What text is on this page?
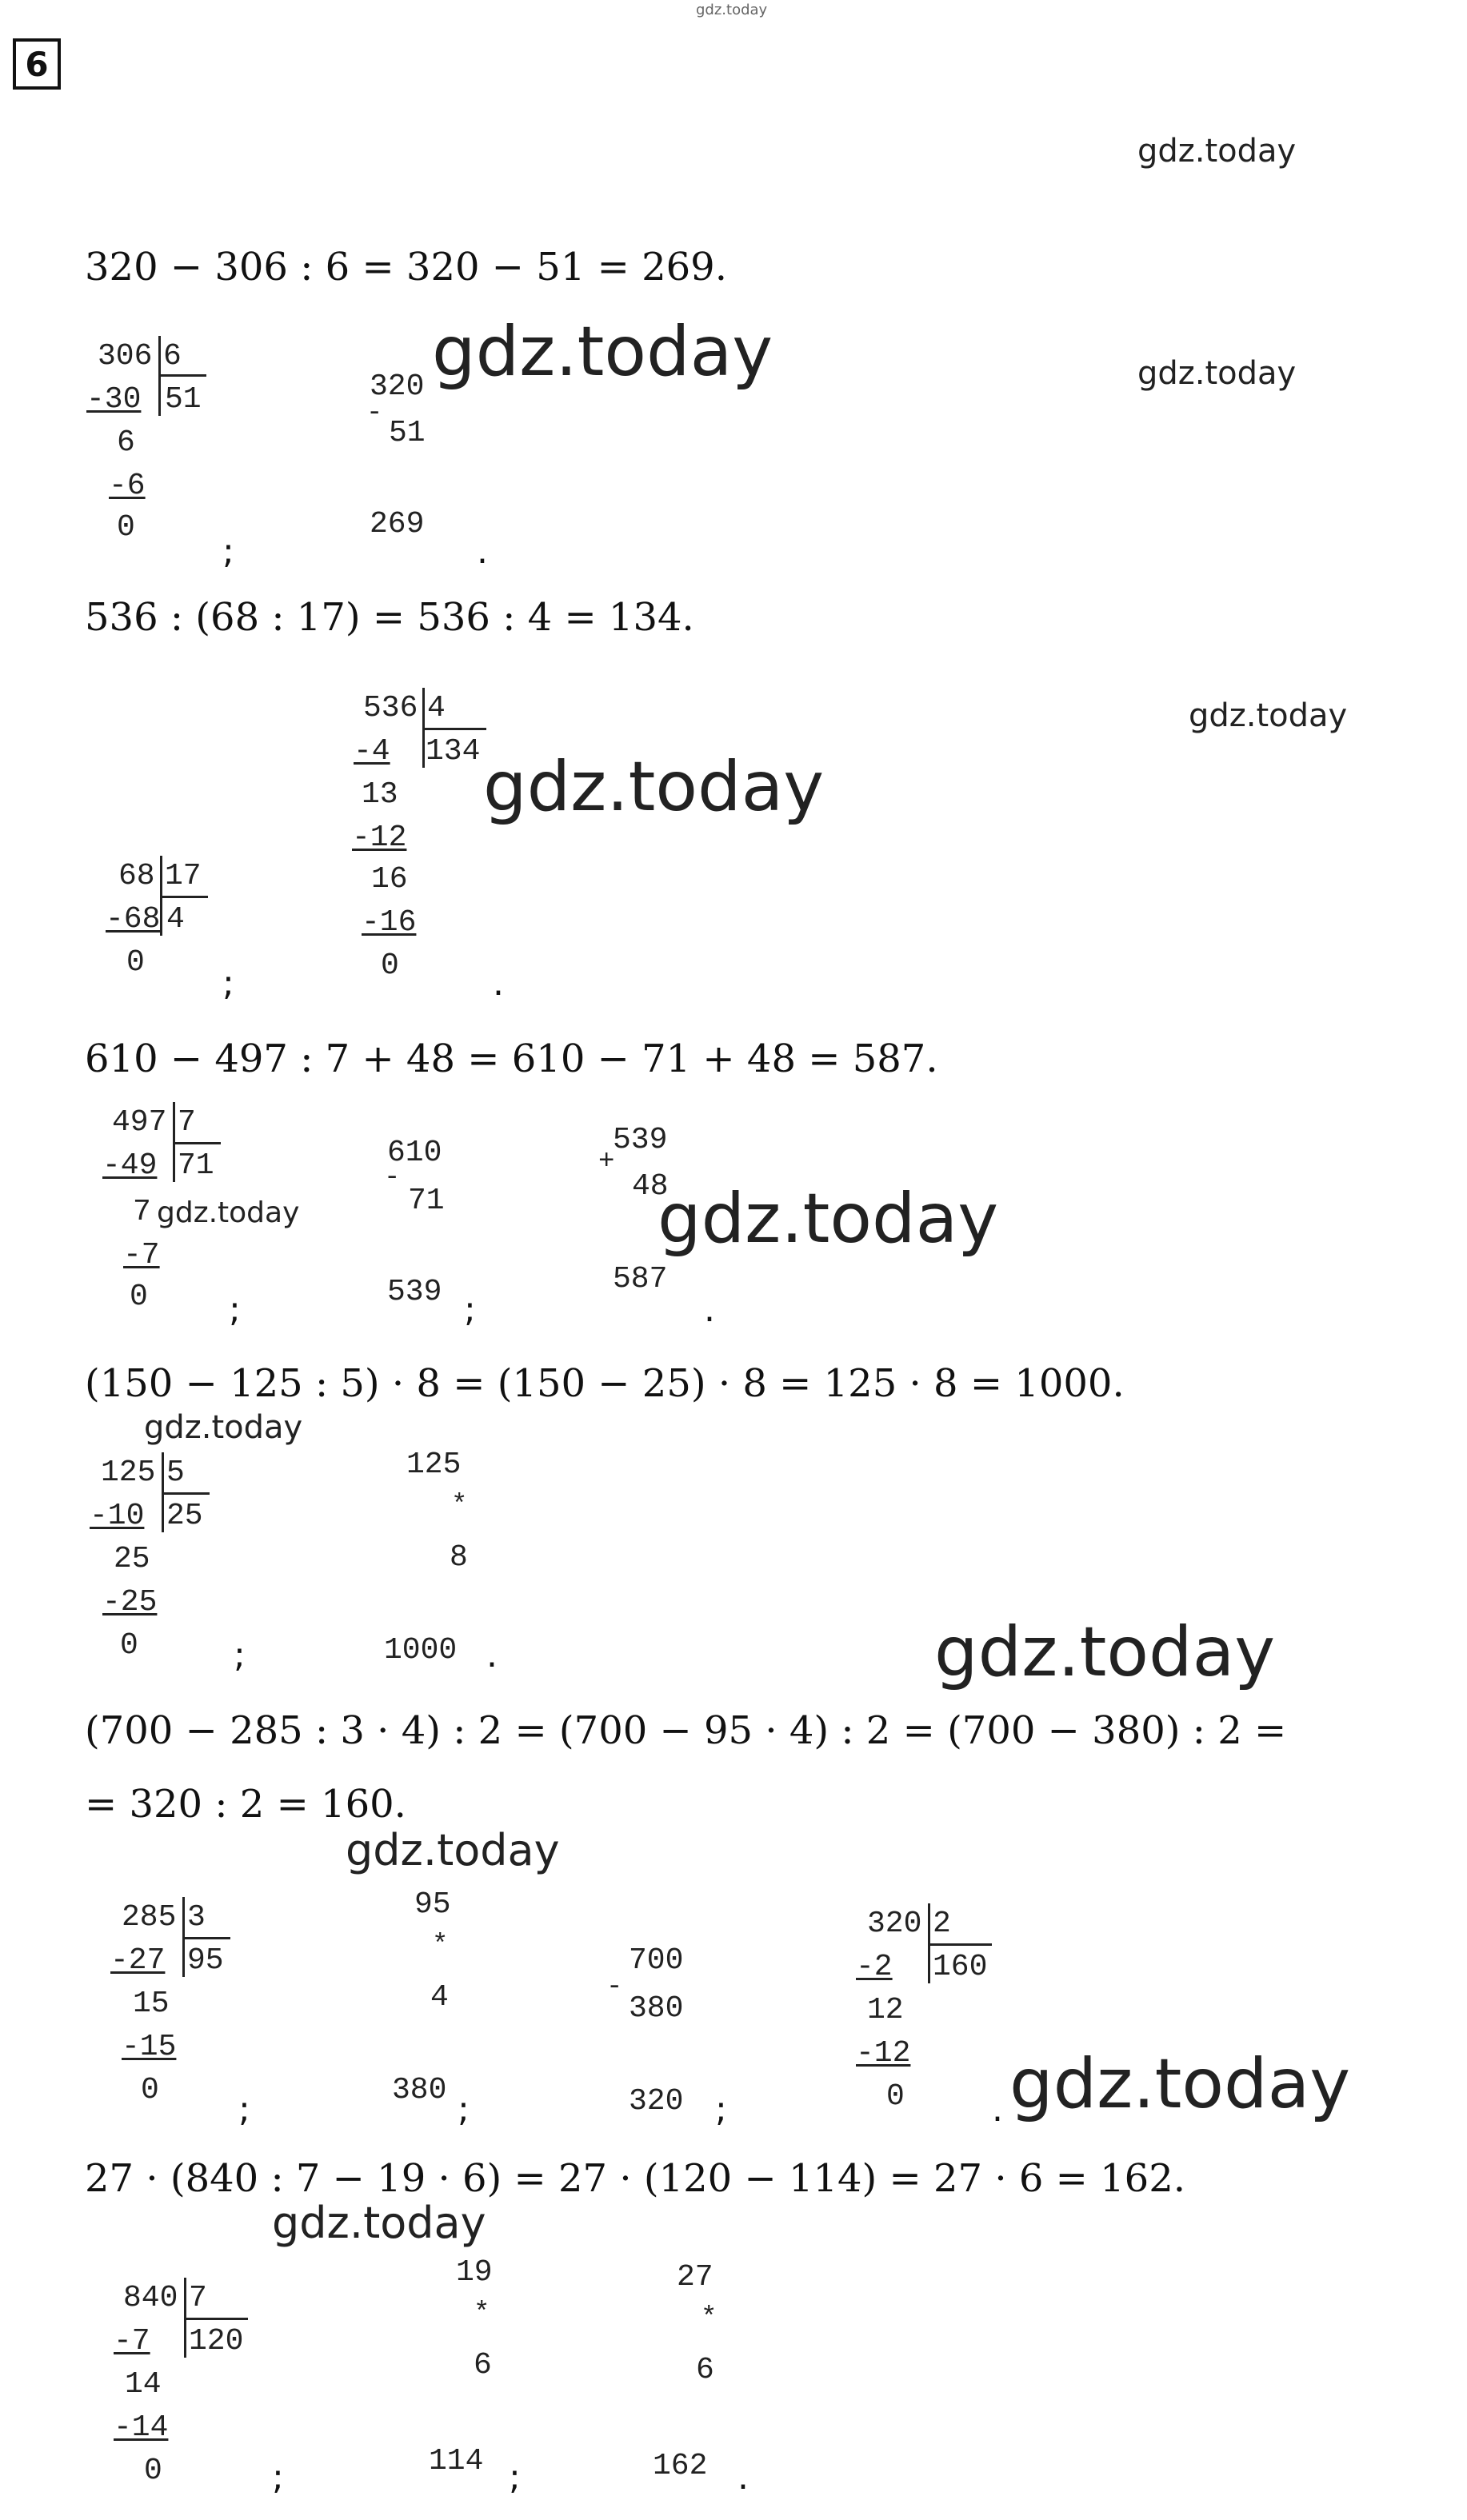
gdz.today
6
gdz.today
320 − 306 : 6 = 320 − 51 = 269.
306 6
51
-30
6
-6
0
320
-
51
269
gdz.today	gdz.today
;	.
536 : (68 : 17) = 536 : 4 = 134.
536 4
134
-4
13
-12
16
-16
0
68 17
4
-68
0
gdz.today
gdz.today
;	.
610 − 497 : 7 + 48 = 610 − 71 + 48 = 587.
497 7
71
-49
7 gdz.today
-7
0
610
-
71
539
539
+
48
587
gdz.today
;	;	.
(150 − 125 : 5) · 8 = (150 − 25) · 8 = 125 · 8 = 1000.
gdz.today
125 5
25
-10
25
-25
0
125
*
8
1000
;	.	gdz.today
(700 − 285 : 3 · 4) : 2 = (700 − 95 · 4) : 2 = (700 − 380) : 2 =
= 320 : 2 = 160.
gdz.today
285 3
95
-27
15
-15
0
95
*
4
380
700
-
380
320
320 2
160
-2
12
-12
0
;	;	;	. gdz.today
27 · (840 : 7 − 19 · 6) = 27 · (120 − 114) = 27 · 6 = 162.
gdz.today
840 7
120
-7
14
-14
0
19
*
6
114
27
*
6
162
;	;	.
